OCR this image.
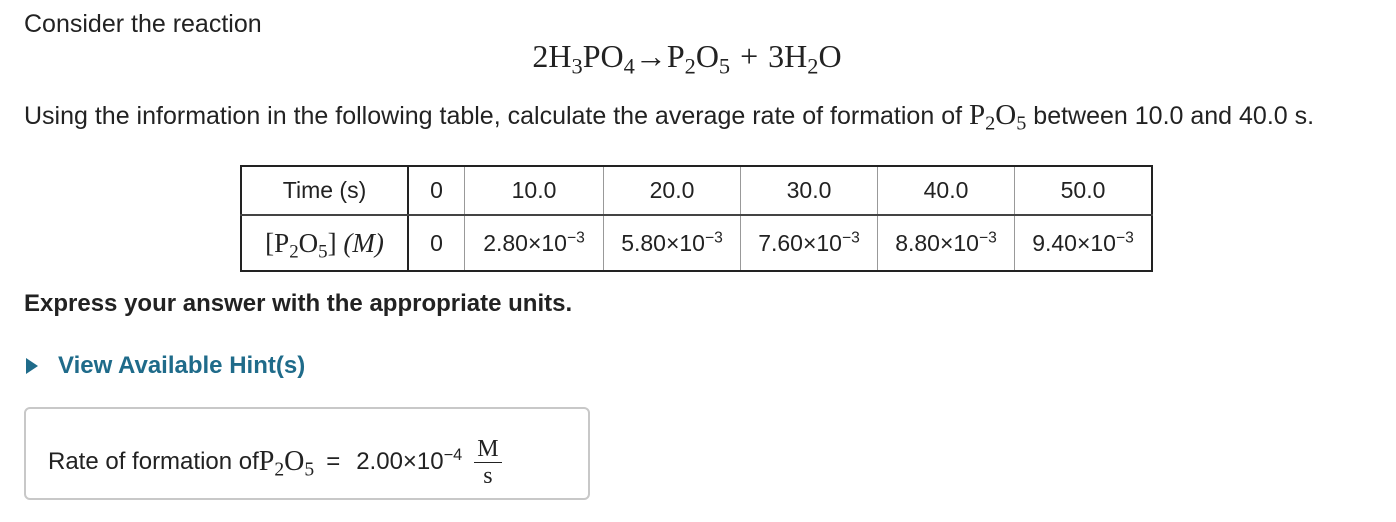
Consider the reaction
$2H_3PO_4\to P_2O_5 + 3H_2O$
Using the information in the following table, calculate the average rate of formation of $P_2O_5$ between 10.0 and 40.0 s.
Time (s)	0	10.0	20.0	30.0	40.0	50.0
$[P_2O_5]$ (M)	0	$2.80\times 10^{-3}$	$5.80\times 10^{-3}$	$7.60\times 10^{-3}$	$8.80\times 10^{-3}$	$9.40\times 10^{-3}$
Express your answer with the appropriate units.
View Available Hint(s)
Rate of formation of $P_2O_5 = 2.00\times 10^{-4} \frac{M}{s}$
